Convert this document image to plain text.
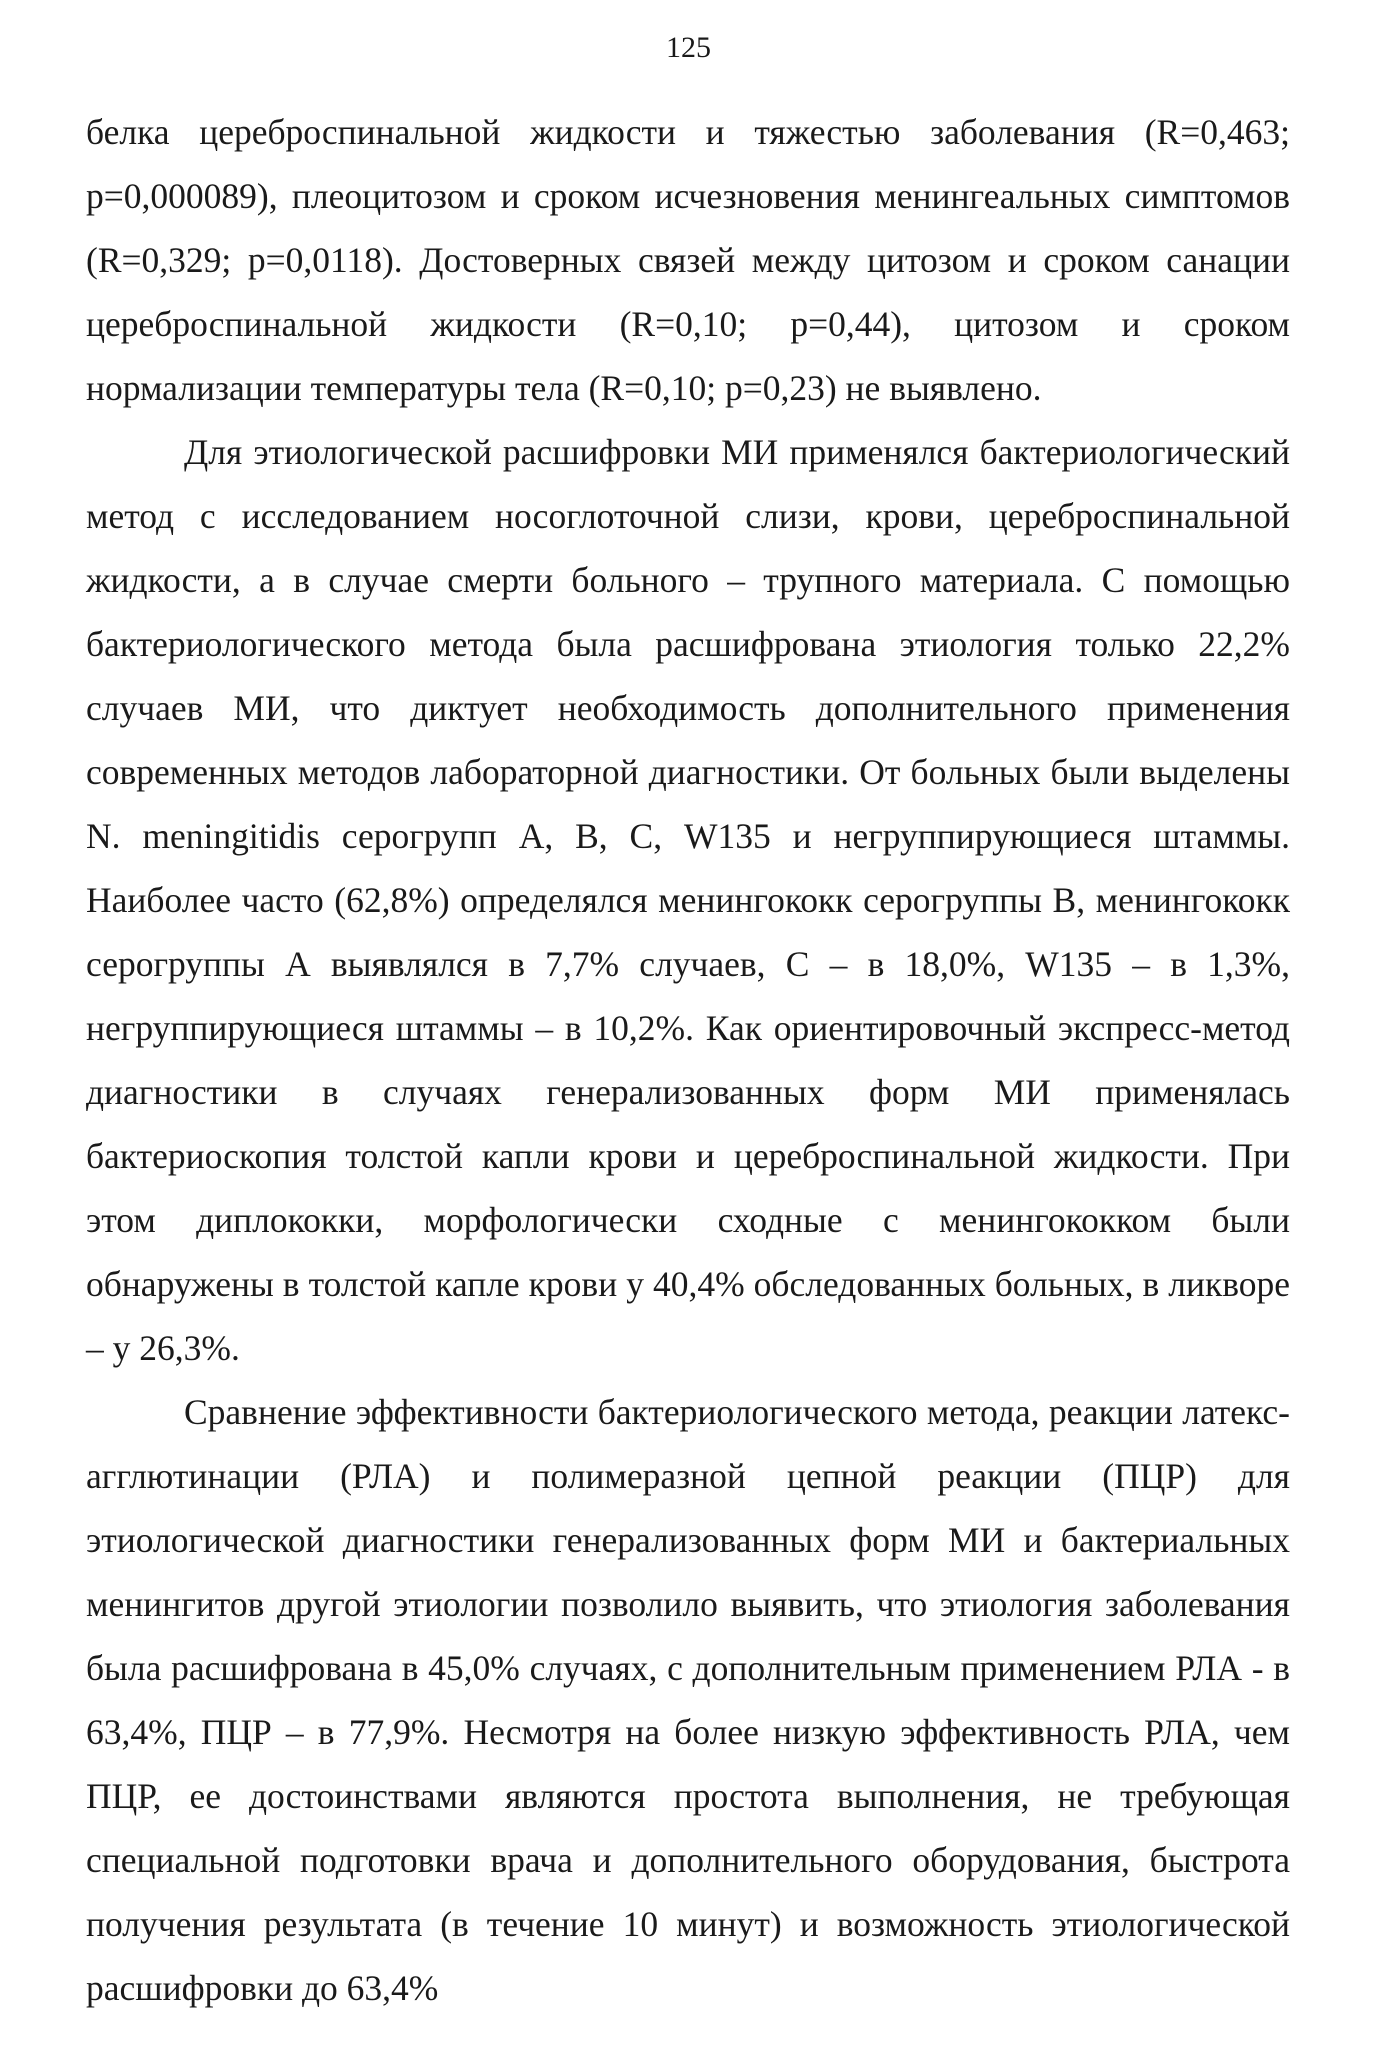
125

белка цереброспинальной жидкости и тяжестью заболевания (R=0,463; p=0,000089), плеоцитозом и сроком исчезновения менингеальных симптомов (R=0,329; p=0,0118). Достоверных связей между цитозом и сроком санации цереброспинальной жидкости (R=0,10; p=0,44), цитозом и сроком нормализации температуры тела (R=0,10; p=0,23) не выявлено.

Для этиологической расшифровки МИ применялся бактериологический метод с исследованием носоглоточной слизи, крови, цереброспинальной жидкости, а в случае смерти больного – трупного материала. С помощью бактериологического метода была расшифрована этиология только 22,2% случаев МИ, что диктует необходимость дополнительного применения современных методов лабораторной диагностики. От больных были выделены N. meningitidis серогрупп А, В, С, W135 и негруппирующиеся штаммы. Наиболее часто (62,8%) определялся менингококк серогруппы В, менингококк серогруппы А выявлялся в 7,7% случаев, С – в 18,0%, W135 – в 1,3%, негруппирующиеся штаммы – в 10,2%. Как ориентировочный экспресс-метод диагностики в случаях генерализованных форм МИ применялась бактериоскопия толстой капли крови и цереброспинальной жидкости. При этом диплококки, морфологически сходные с менингококком были обнаружены в толстой капле крови у 40,4% обследованных больных, в ликворе – у 26,3%.

Сравнение эффективности бактериологического метода, реакции латекс-агглютинации (РЛА) и полимеразной цепной реакции (ПЦР) для этиологической диагностики генерализованных форм МИ и бактериальных менингитов другой этиологии позволило выявить, что этиология заболевания была расшифрована в 45,0% случаях, с дополнительным применением РЛА - в 63,4%, ПЦР – в 77,9%. Несмотря на более низкую эффективность РЛА, чем ПЦР, ее достоинствами являются простота выполнения, не требующая специальной подготовки врача и дополнительного оборудования, быстрота получения результата (в течение 10 минут) и возможность этиологической расшифровки до 63,4%
